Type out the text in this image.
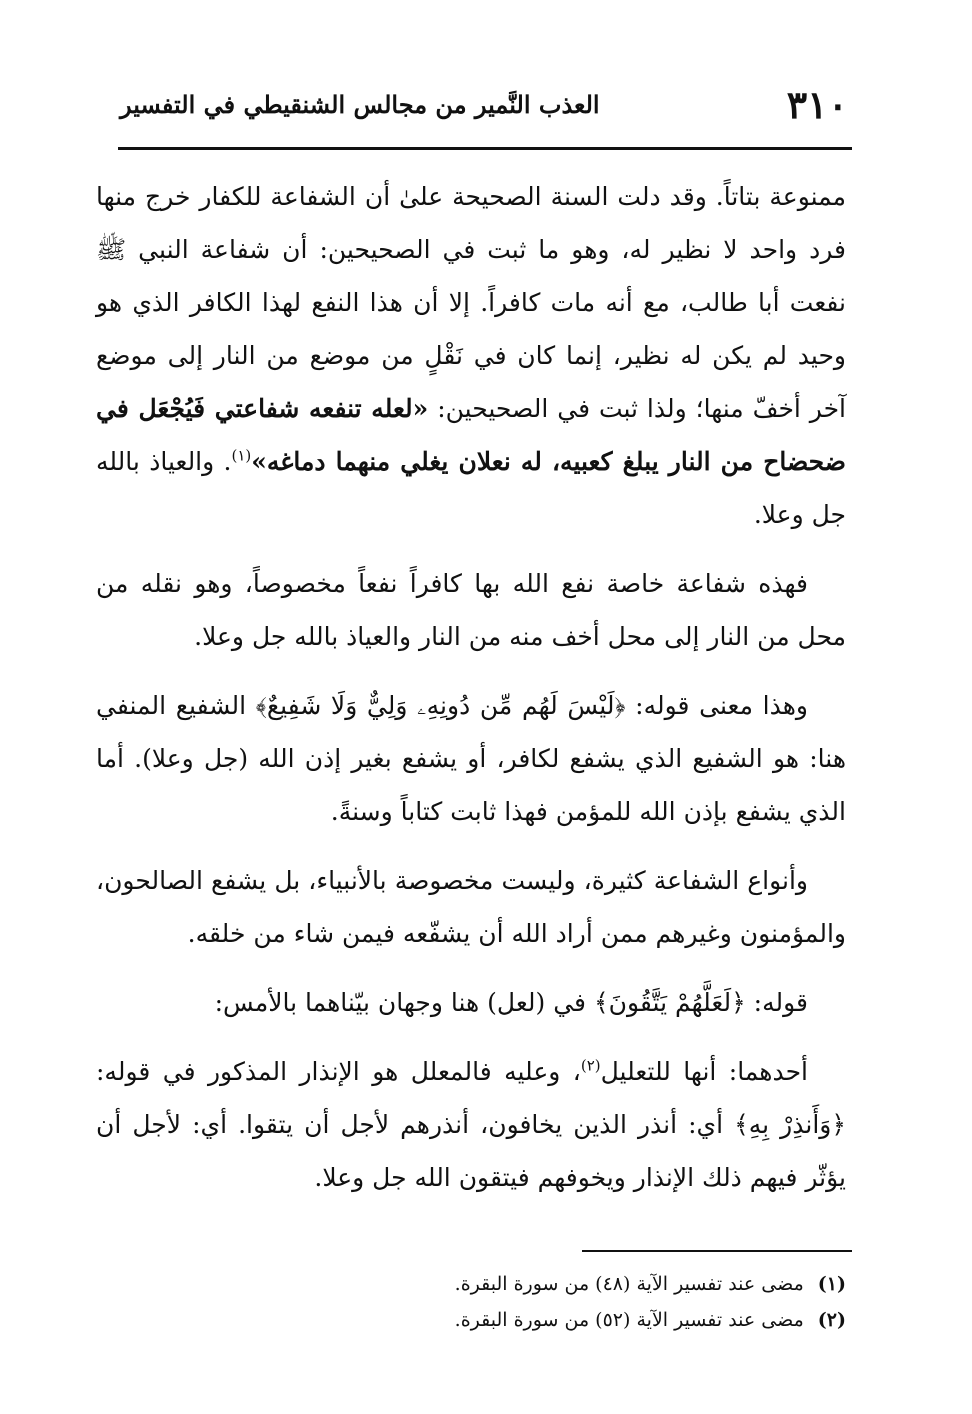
٣١٠
العذب النَّمير من مجالس الشنقيطي في التفسير

ممنوعة بتاتاً. وقد دلت السنة الصحيحة علىٰ أن الشفاعة للكفار خرج منها فرد واحد لا نظير له، وهو ما ثبت في الصحيحين: أن شفاعة النبي ﷺ نفعت أبا طالب، مع أنه مات كافراً. إلا أن هذا النفع لهذا الكافر الذي هو وحيد لم يكن له نظير، إنما كان في نَقْلٍ من موضع من النار إلى موضع آخر أخفّ منها؛ ولذا ثبت في الصحيحين: «لعله تنفعه شفاعتي فَيُجْعَل في ضحضاح من النار يبلغ كعبيه، له نعلان يغلي منهما دماغه»$^{(١)}$. والعياذ بالله جل وعلا.

فهذه شفاعة خاصة نفع الله بها كافراً نفعاً مخصوصاً، وهو نقله من محل من النار إلى محل أخف منه من النار والعياذ بالله جل وعلا.

وهذا معنى قوله: ﴿لَيْسَ لَهُم مِّن دُونِهِۦ وَلِيٌّ وَلَا شَفِيعٌ﴾ الشفيع المنفي هنا: هو الشفيع الذي يشفع لكافر، أو يشفع بغير إذن الله (جل وعلا). أما الذي يشفع بإذن الله للمؤمن فهذا ثابت كتاباً وسنةً.

وأنواع الشفاعة كثيرة، وليست مخصوصة بالأنبياء، بل يشفع الصالحون، والمؤمنون وغيرهم ممن أراد الله أن يشفّعه فيمن شاء من خلقه.

قوله: ﴿لَعَلَّهُمْ يَتَّقُونَ﴾ في (لعل) هنا وجهان بيّناهما بالأمس:

أحدهما: أنها للتعليل$^{(٢)}$، وعليه فالمعلل هو الإنذار المذكور في قوله: ﴿وَأَنذِرْ بِهِ﴾ أي: أنذر الذين يخافون، أنذرهم لأجل أن يتقوا. أي: لأجل أن يؤثّر فيهم ذلك الإنذار ويخوفهم فيتقون الله جل وعلا.

(١)
مضى عند تفسير الآية (٤٨) من سورة البقرة.
(٢)
مضى عند تفسير الآية (٥٢) من سورة البقرة.
